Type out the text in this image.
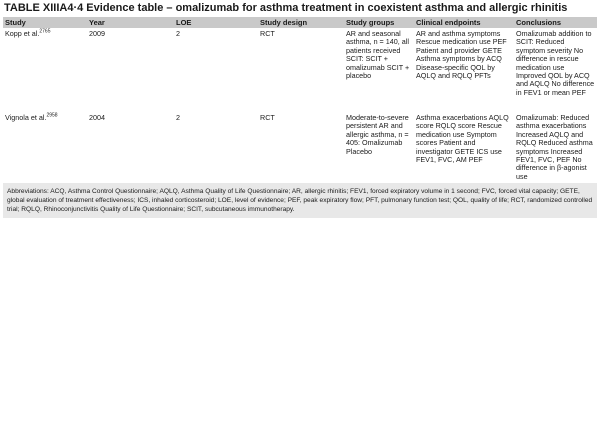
TABLE XIIIA4·4 Evidence table – omalizumab for asthma treatment in coexistent asthma and allergic rhinitis
Study	Year	LOE	Study design	Study groups	Clinical endpoints	Conclusions
Kopp et al.$^{2765}$	2009	2	RCT	AR and seasonal asthma, n = 140, all patients received SCIT: SCIT + omalizumab SCIT + placebo	AR and asthma symptoms Rescue medication use PEF Patient and provider GETE Asthma symptoms by ACQ Disease-specific QOL by AQLQ and RQLQ PFTs	Omalizumab addition to SCIT: Reduced symptom severity No difference in rescue medication use Improved QOL by ACQ and AQLQ No difference in FEV1 or mean PEF
Vignola et al.$^{2958}$	2004	2	RCT	Moderate-to-severe persistent AR and allergic asthma, n = 405: Omalizumab Placebo	Asthma exacerbations AQLQ score RQLQ score Rescue medication use Symptom scores Patient and investigator GETE ICS use FEV1, FVC, AM PEF	Omalizumab: Reduced asthma exacerbations Increased AQLQ and RQLQ Reduced asthma symptoms Increased FEV1, FVC, PEF No difference in β-agonist use
Abbreviations: ACQ, Asthma Control Questionnaire; AQLQ, Asthma Quality of Life Questionnaire; AR, allergic rhinitis; FEV1, forced expiratory volume in 1 second; FVC, forced vital capacity; GETE, global evaluation of treatment effectiveness; ICS, inhaled corticosteroid; LOE, level of evidence; PEF, peak expiratory flow; PFT, pulmonary function test; QOL, quality of life; RCT, randomized controlled trial; RQLQ, Rhinoconjunctivitis Quality of Life Questionnaire; SCIT, subcutaneous immunotherapy.						
